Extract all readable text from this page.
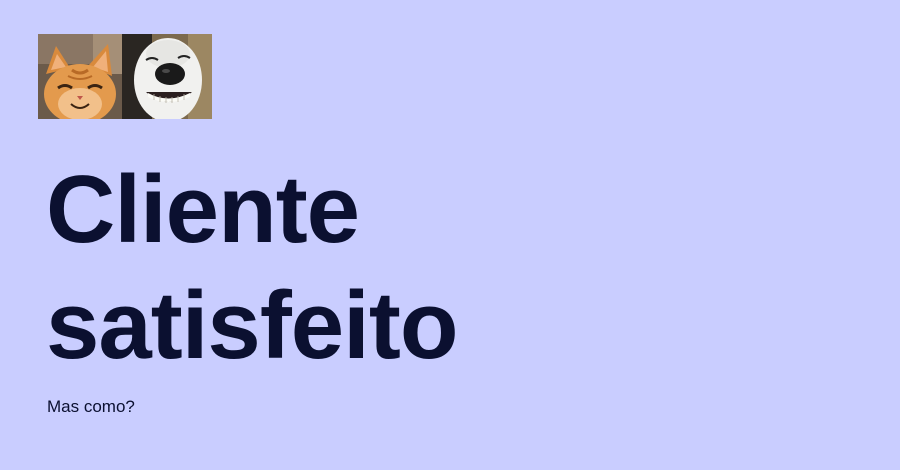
Cliente
satisfeito

Mas como?
